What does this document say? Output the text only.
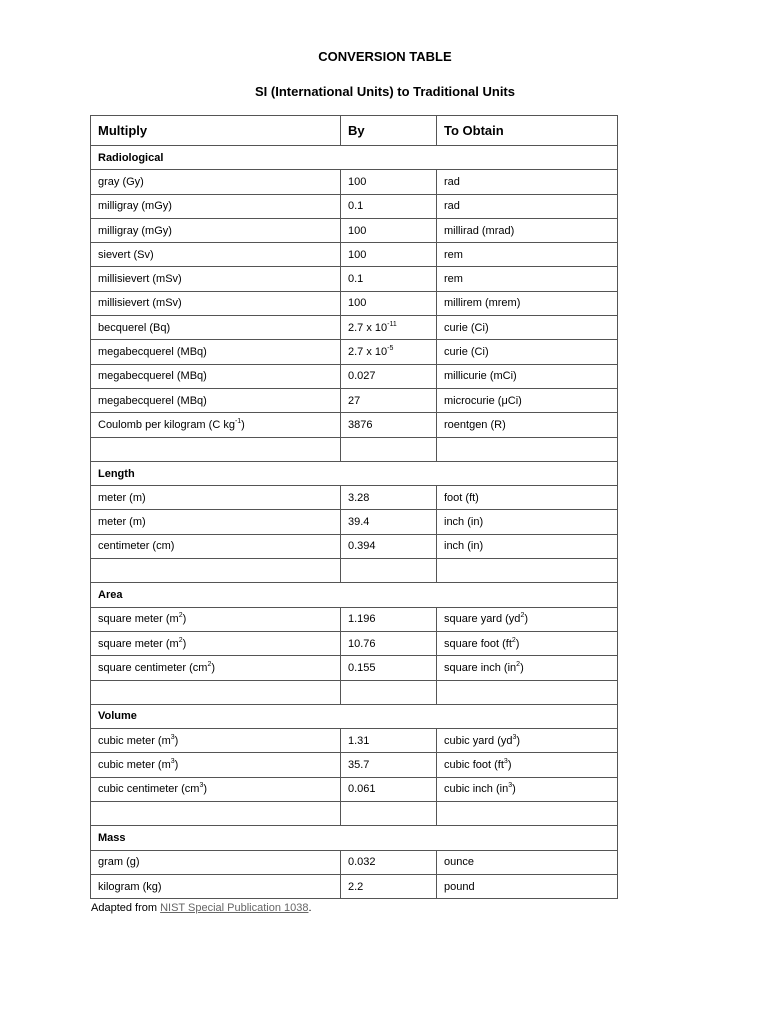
CONVERSION TABLE
SI (International Units) to Traditional Units
Multiply	By	To Obtain
Radiological		
gray (Gy)	100	rad
milligray (mGy)	0.1	rad
milligray (mGy)	100	millirad (mrad)
sievert (Sv)	100	rem
millisievert (mSv)	0.1	rem
millisievert (mSv)	100	millirem (mrem)
becquerel (Bq)	2.7 x $10^{-11}$	curie (Ci)
megabecquerel (MBq)	2.7 x $10^{-5}$	curie (Ci)
megabecquerel (MBq)	0.027	millicurie (mCi)
megabecquerel (MBq)	27	microcurie (μCi)
Coulomb per kilogram (C $kg^{-1}$)	3876	roentgen (R)

Length		
meter (m)	3.28	foot (ft)
meter (m)	39.4	inch (in)
centimeter (cm)	0.394	inch (in)

Area		
square meter $(m^2)$	1.196	square yard $(yd^2)$
square meter $(m^2)$	10.76	square foot $(ft^2)$
square centimeter $(cm^2)$	0.155	square inch $(in^2)$

Volume		
cubic meter $(m^3)$	1.31	cubic yard $(yd^3)$
cubic meter $(m^3)$	35.7	cubic foot $(ft^3)$
cubic centimeter $(cm^3)$	0.061	cubic inch $(in^3)$

Mass		
gram (g)	0.032	ounce
kilogram (kg)	2.2	pound
Adapted from NIST Special Publication 1038.
